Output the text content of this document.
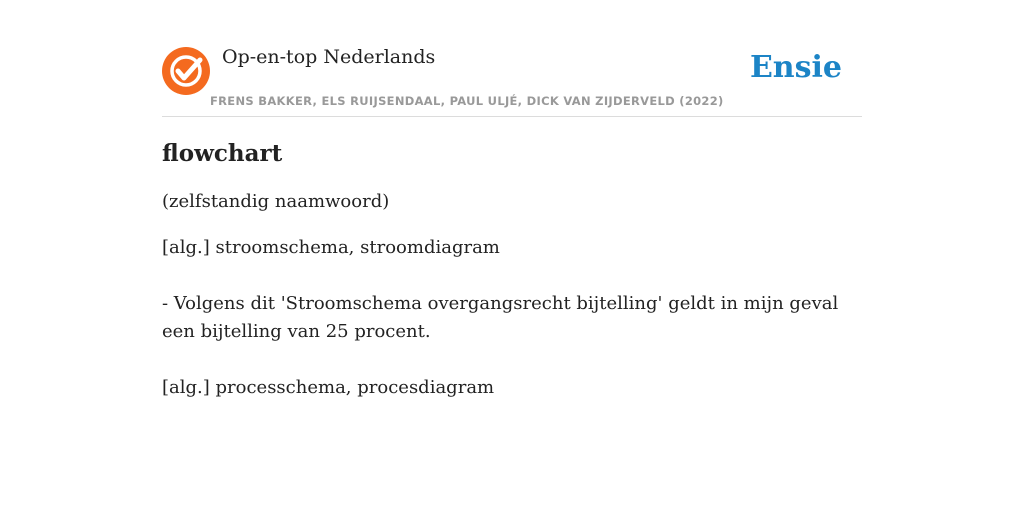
Op-en-top Nederlands
FRENS BAKKER, ELS RUIJSENDAAL, PAUL ULJÉ, DICK VAN ZIJDERVELD (2022)
Ensie
flowchart
(zelfstandig naamwoord)
[alg.] stroomschema, stroomdiagram
- Volgens dit 'Stroomschema overgangsrecht bijtelling' geldt in mijn geval een bijtelling van 25 procent.
[alg.] processchema, procesdiagram
